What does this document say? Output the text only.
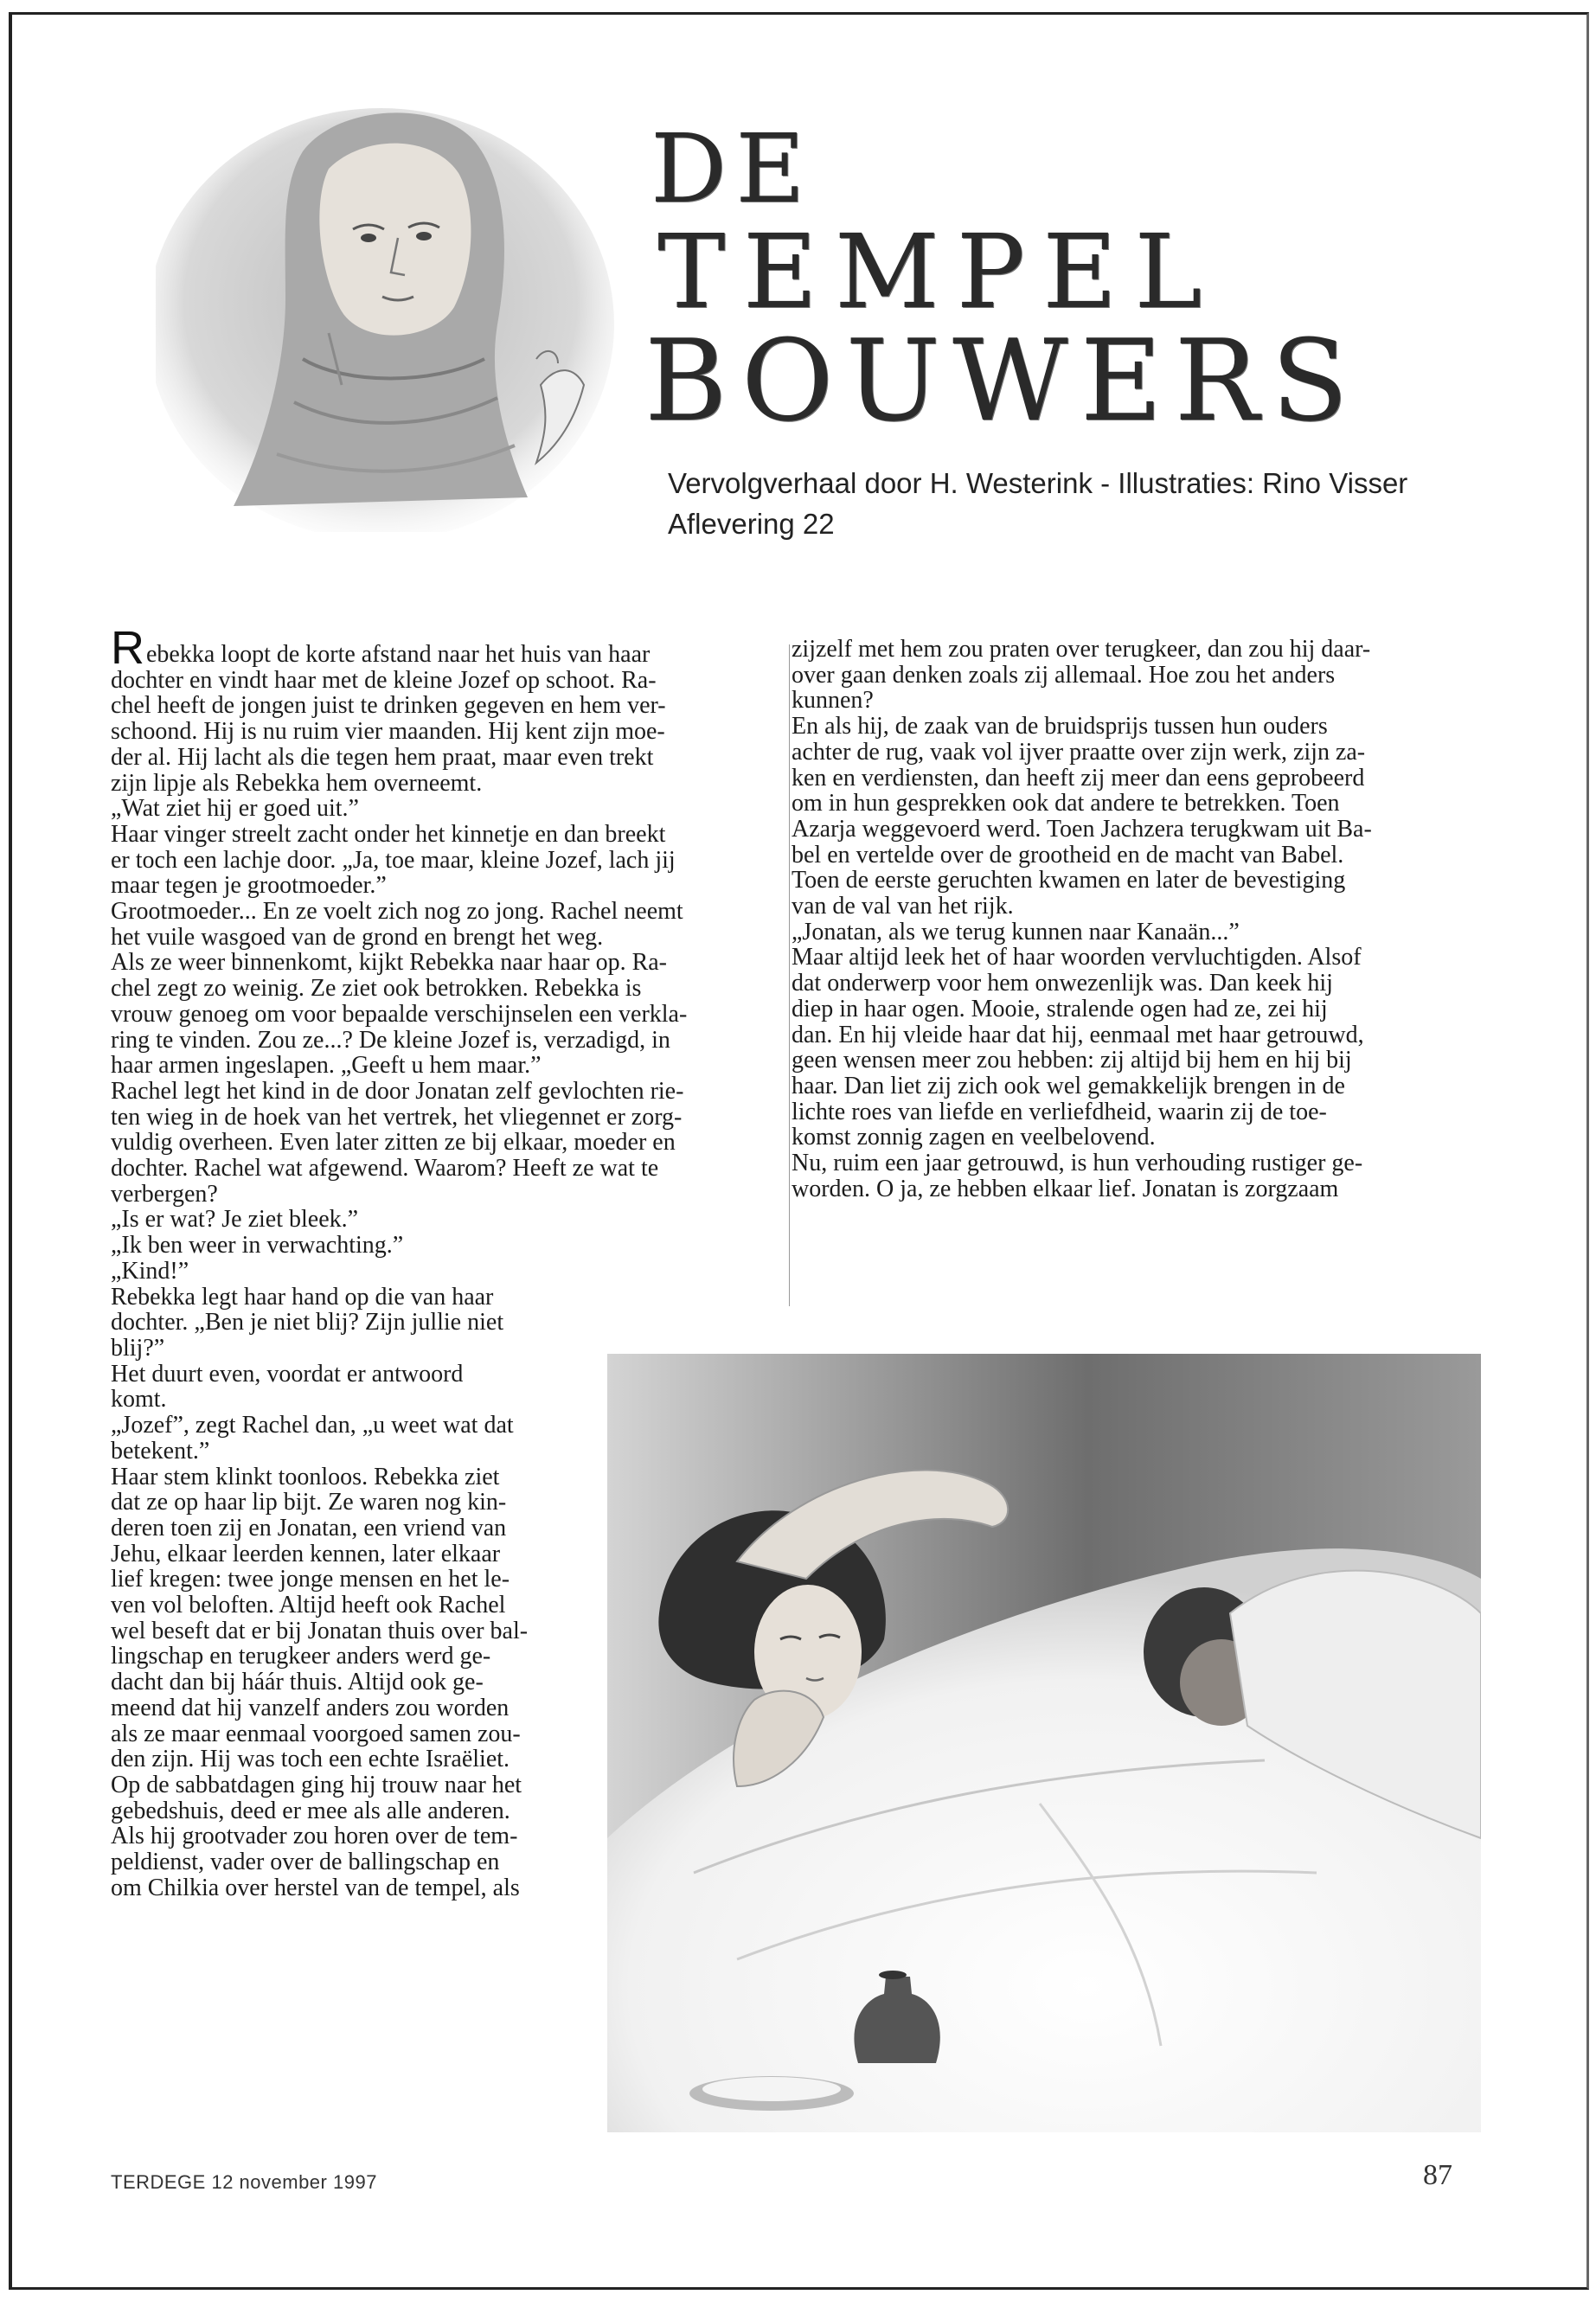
DE
TEMPEL
BOUWERS
Vervolgverhaal door H. Westerink - Illustraties: Rino Visser
Aflevering 22

Rebekka loopt de korte afstand naar het huis van haar

dochter en vindt haar met de kleine Jozef op schoot. Ra-

chel heeft de jongen juist te drinken gegeven en hem ver-

schoond. Hij is nu ruim vier maanden. Hij kent zijn moe-

der al. Hij lacht als die tegen hem praat, maar even trekt

zijn lipje als Rebekka hem overneemt.

„Wat ziet hij er goed uit.”

Haar vinger streelt zacht onder het kinnetje en dan breekt

er toch een lachje door. „Ja, toe maar, kleine Jozef, lach jij

maar tegen je grootmoeder.”

Grootmoeder... En ze voelt zich nog zo jong. Rachel neemt

het vuile wasgoed van de grond en brengt het weg.

Als ze weer binnenkomt, kijkt Rebekka naar haar op. Ra-

chel zegt zo weinig. Ze ziet ook betrokken. Rebekka is

vrouw genoeg om voor bepaalde verschijnselen een verkla-

ring te vinden. Zou ze...? De kleine Jozef is, verzadigd, in

haar armen ingeslapen. „Geeft u hem maar.”

Rachel legt het kind in de door Jonatan zelf gevlochten rie-

ten wieg in de hoek van het vertrek, het vliegennet er zorg-

vuldig overheen. Even later zitten ze bij elkaar, moeder en

dochter. Rachel wat afgewend. Waarom? Heeft ze wat te

verbergen?

„Is er wat? Je ziet bleek.”

„Ik ben weer in verwachting.”

„Kind!”

Rebekka legt haar hand op die van haar

dochter. „Ben je niet blij? Zijn jullie niet

blij?”

Het duurt even, voordat er antwoord

komt.

„Jozef”, zegt Rachel dan, „u weet wat dat

betekent.”

Haar stem klinkt toonloos. Rebekka ziet

dat ze op haar lip bijt. Ze waren nog kin-

deren toen zij en Jonatan, een vriend van

Jehu, elkaar leerden kennen, later elkaar

lief kregen: twee jonge mensen en het le-

ven vol beloften. Altijd heeft ook Rachel

wel beseft dat er bij Jonatan thuis over bal-

lingschap en terugkeer anders werd ge-

dacht dan bij háár thuis. Altijd ook ge-

meend dat hij vanzelf anders zou worden

als ze maar eenmaal voorgoed samen zou-

den zijn. Hij was toch een echte Israëliet.

Op de sabbatdagen ging hij trouw naar het

gebedshuis, deed er mee als alle anderen.

Als hij grootvader zou horen over de tem-

peldienst, vader over de ballingschap en

om Chilkia over herstel van de tempel, als

zijzelf met hem zou praten over terugkeer, dan zou hij daar-

over gaan denken zoals zij allemaal. Hoe zou het anders

kunnen?

En als hij, de zaak van de bruidsprijs tussen hun ouders

achter de rug, vaak vol ijver praatte over zijn werk, zijn za-

ken en verdiensten, dan heeft zij meer dan eens geprobeerd

om in hun gesprekken ook dat andere te betrekken. Toen

Azarja weggevoerd werd. Toen Jachzera terugkwam uit Ba-

bel en vertelde over de grootheid en de macht van Babel.

Toen de eerste geruchten kwamen en later de bevestiging

van de val van het rijk.

„Jonatan, als we terug kunnen naar Kanaän...”

Maar altijd leek het of haar woorden vervluchtigden. Alsof

dat onderwerp voor hem onwezenlijk was. Dan keek hij

diep in haar ogen. Mooie, stralende ogen had ze, zei hij

dan. En hij vleide haar dat hij, eenmaal met haar getrouwd,

geen wensen meer zou hebben: zij altijd bij hem en hij bij

haar. Dan liet zij zich ook wel gemakkelijk brengen in de

lichte roes van liefde en verliefdheid, waarin zij de toe-

komst zonnig zagen en veelbelovend.

Nu, ruim een jaar getrouwd, is hun verhouding rustiger ge-

worden. O ja, ze hebben elkaar lief. Jonatan is zorgzaam

TERDEGE 12 november 1997	87
